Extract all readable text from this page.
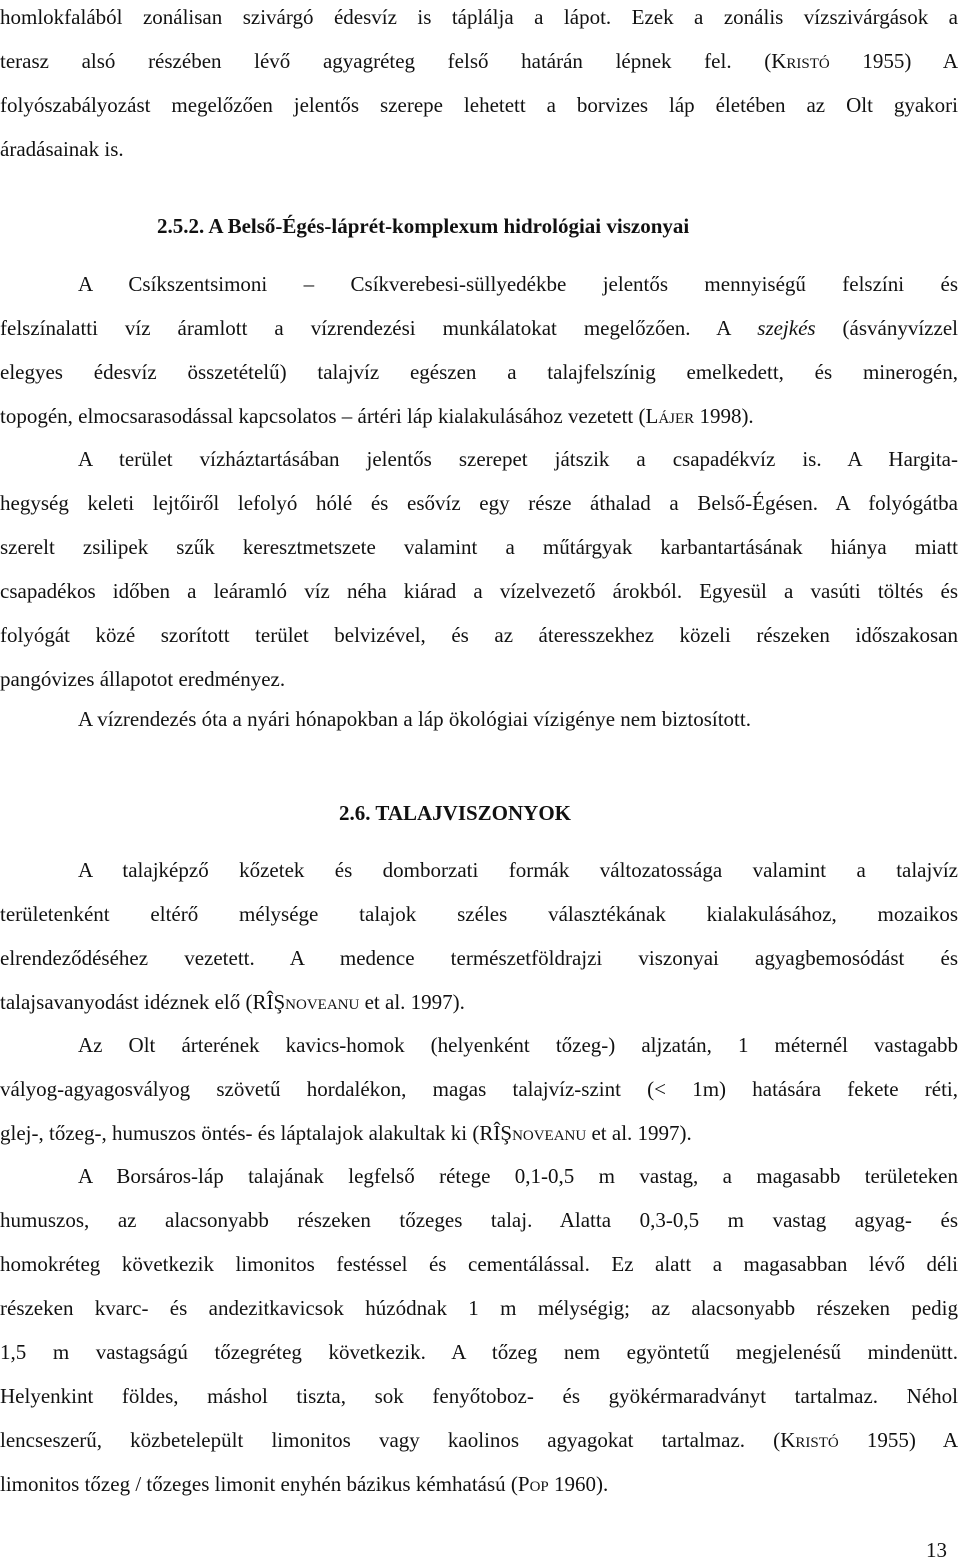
homlokfalából zonálisan szivárgó édesvíz is táplálja a lápot. Ezek a zonális vízszivárgások a
terasz alsó részében lévő agyagréteg felső határán lépnek fel. (KRISTÓ 1955) A
folyószabályozást megelőzően jelentős szerepe lehetett a borvizes láp életében az Olt gyakori
áradásainak is.
2.5.2. A Belső-Égés-láprét-komplexum hidrológiai viszonyai
A Csíkszentsimoni – Csíkverebesi-süllyedékbe jelentős mennyiségű felszíni és
felszínalatti víz áramlott a vízrendezési munkálatokat megelőzően. A szejkés (ásványvízzel
elegyes édesvíz összetételű) talajvíz egészen a talajfelszínig emelkedett, és minerogén,
topogén, elmocsarasodással kapcsolatos – ártéri láp kialakulásához vezetett (LÁJER 1998).
A terület vízháztartásában jelentős szerepet játszik a csapadékvíz is. A Hargita-
hegység keleti lejtőiről lefolyó hólé és esővíz egy része áthalad a Belső-Égésen. A folyógátba
szerelt zsilipek szűk keresztmetszete valamint a műtárgyak karbantartásának hiánya miatt
csapadékos időben a leáramló víz néha kiárad a vízelvezető árokból. Egyesül a vasúti töltés és
folyógát közé szorított terület belvizével, és az áteresszekhez közeli részeken időszakosan
pangóvizes állapotot eredményez.
A vízrendezés óta a nyári hónapokban a láp ökológiai vízigénye nem biztosított.
2.6. TALAJVISZONYOK
A talajképző kőzetek és domborzati formák változatossága valamint a talajvíz
területenként eltérő mélysége talajok széles választékának kialakulásához, mozaikos
elrendeződéséhez vezetett. A medence természetföldrajzi viszonyai agyagbemosódást és
talajsavanyodást idéznek elő (RÎŞNOVEANU et al. 1997).
Az Olt árterének kavics-homok (helyenként tőzeg-) aljzatán, 1 méternél vastagabb
vályog-agyagosvályog szövetű hordalékon, magas talajvíz-szint (< 1m) hatására fekete réti,
glej-, tőzeg-, humuszos öntés- és láptalajok alakultak ki (RÎŞNOVEANU et al. 1997).
A Borsáros-láp talajának legfelső rétege 0,1-0,5 m vastag, a magasabb területeken
humuszos, az alacsonyabb részeken tőzeges talaj. Alatta 0,3-0,5 m vastag agyag- és
homokréteg következik limonitos festéssel és cementálással. Ez alatt a magasabban lévő déli
részeken kvarc- és andezitkavicsok húzódnak 1 m mélységig; az alacsonyabb részeken pedig
1,5 m vastagságú tőzegréteg következik. A tőzeg nem egyöntetű megjelenésű mindenütt.
Helyenkint földes, máshol tiszta, sok fenyőtoboz- és gyökérmaradványt tartalmaz. Néhol
lencseszerű, közbetelepült limonitos vagy kaolinos agyagokat tartalmaz. (KRISTÓ 1955) A
limonitos tőzeg / tőzeges limonit enyhén bázikus kémhatású (POP 1960).
13
